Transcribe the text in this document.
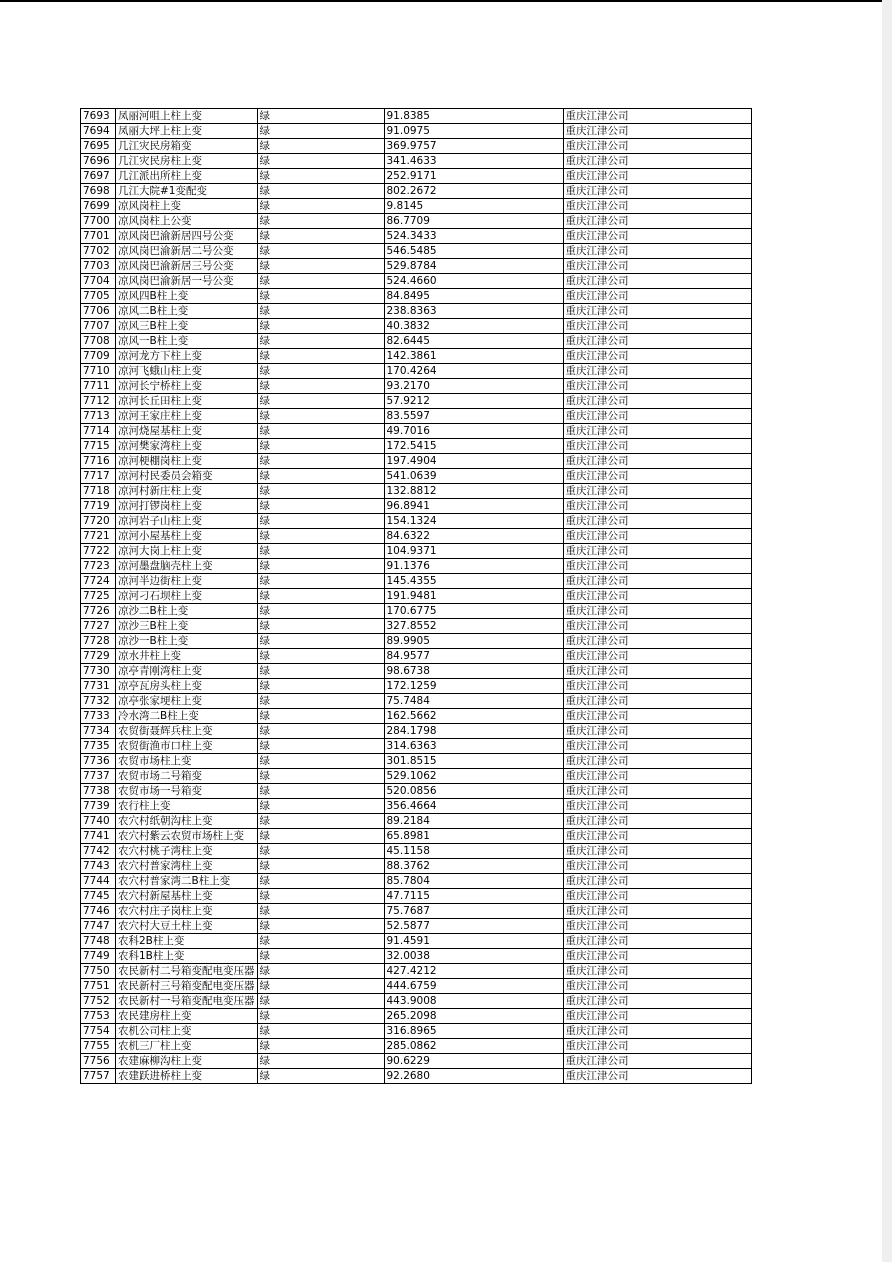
7693	凤丽河咀上柱上变	绿	91.8385	重庆江津公司
7694	凤丽大坪上柱上变	绿	91.0975	重庆江津公司
7695	几江灾民房箱变	绿	369.9757	重庆江津公司
7696	几江灾民房柱上变	绿	341.4633	重庆江津公司
7697	几江派出所柱上变	绿	252.9171	重庆江津公司
7698	几江大院#1变配变	绿	802.2672	重庆江津公司
7699	凉风岗柱上变	绿	9.8145	重庆江津公司
7700	凉风岗柱上公变	绿	86.7709	重庆江津公司
7701	凉风岗巴渝新居四号公变	绿	524.3433	重庆江津公司
7702	凉风岗巴渝新居二号公变	绿	546.5485	重庆江津公司
7703	凉风岗巴渝新居三号公变	绿	529.8784	重庆江津公司
7704	凉风岗巴渝新居一号公变	绿	524.4660	重庆江津公司
7705	凉风四B柱上变	绿	84.8495	重庆江津公司
7706	凉风二B柱上变	绿	238.8363	重庆江津公司
7707	凉风三B柱上变	绿	40.3832	重庆江津公司
7708	凉风一B柱上变	绿	82.6445	重庆江津公司
7709	凉河龙方下柱上变	绿	142.3861	重庆江津公司
7710	凉河飞蛾山柱上变	绿	170.4264	重庆江津公司
7711	凉河长宁桥柱上变	绿	93.2170	重庆江津公司
7712	凉河长丘田柱上变	绿	57.9212	重庆江津公司
7713	凉河王家庄柱上变	绿	83.5597	重庆江津公司
7714	凉河烧屋基柱上变	绿	49.7016	重庆江津公司
7715	凉河樊家湾柱上变	绿	172.5415	重庆江津公司
7716	凉河梗棚岗柱上变	绿	197.4904	重庆江津公司
7717	凉河村民委员会箱变	绿	541.0639	重庆江津公司
7718	凉河村新庄柱上变	绿	132.8812	重庆江津公司
7719	凉河打锣岗柱上变	绿	96.8941	重庆江津公司
7720	凉河岩子山柱上变	绿	154.1324	重庆江津公司
7721	凉河小屋基柱上变	绿	84.6322	重庆江津公司
7722	凉河大岗上柱上变	绿	104.9371	重庆江津公司
7723	凉河墨盘脑壳柱上变	绿	91.1376	重庆江津公司
7724	凉河半边街柱上变	绿	145.4355	重庆江津公司
7725	凉河刁石坝柱上变	绿	191.9481	重庆江津公司
7726	凉沙二B柱上变	绿	170.6775	重庆江津公司
7727	凉沙三B柱上变	绿	327.8552	重庆江津公司
7728	凉沙一B柱上变	绿	89.9905	重庆江津公司
7729	凉水井柱上变	绿	84.9577	重庆江津公司
7730	凉亭青刚湾柱上变	绿	98.6738	重庆江津公司
7731	凉亭瓦房头柱上变	绿	172.1259	重庆江津公司
7732	凉亭张家埂柱上变	绿	75.7484	重庆江津公司
7733	冷水湾二B柱上变	绿	162.5662	重庆江津公司
7734	农贸街聂辉兵柱上变	绿	284.1798	重庆江津公司
7735	农贸街渔市口柱上变	绿	314.6363	重庆江津公司
7736	农贸市场柱上变	绿	301.8515	重庆江津公司
7737	农贸市场二号箱变	绿	529.1062	重庆江津公司
7738	农贸市场一号箱变	绿	520.0856	重庆江津公司
7739	农行柱上变	绿	356.4664	重庆江津公司
7740	农穴村纸朝沟柱上变	绿	89.2184	重庆江津公司
7741	农穴村紫云农贸市场柱上变	绿	65.8981	重庆江津公司
7742	农穴村桃子湾柱上变	绿	45.1158	重庆江津公司
7743	农穴村普家湾柱上变	绿	88.3762	重庆江津公司
7744	农穴村普家湾二B柱上变	绿	85.7804	重庆江津公司
7745	农穴村新屋基柱上变	绿	47.7115	重庆江津公司
7746	农穴村庄子岗柱上变	绿	75.7687	重庆江津公司
7747	农穴村大豆土柱上变	绿	52.5877	重庆江津公司
7748	农科2B柱上变	绿	91.4591	重庆江津公司
7749	农科1B柱上变	绿	32.0038	重庆江津公司
7750	农民新村二号箱变配电变压器	绿	427.4212	重庆江津公司
7751	农民新村三号箱变配电变压器	绿	444.6759	重庆江津公司
7752	农民新村一号箱变配电变压器	绿	443.9008	重庆江津公司
7753	农民建房柱上变	绿	265.2098	重庆江津公司
7754	农机公司柱上变	绿	316.8965	重庆江津公司
7755	农机三厂柱上变	绿	285.0862	重庆江津公司
7756	农建麻柳沟柱上变	绿	90.6229	重庆江津公司
7757	农建跃进桥柱上变	绿	92.2680	重庆江津公司
